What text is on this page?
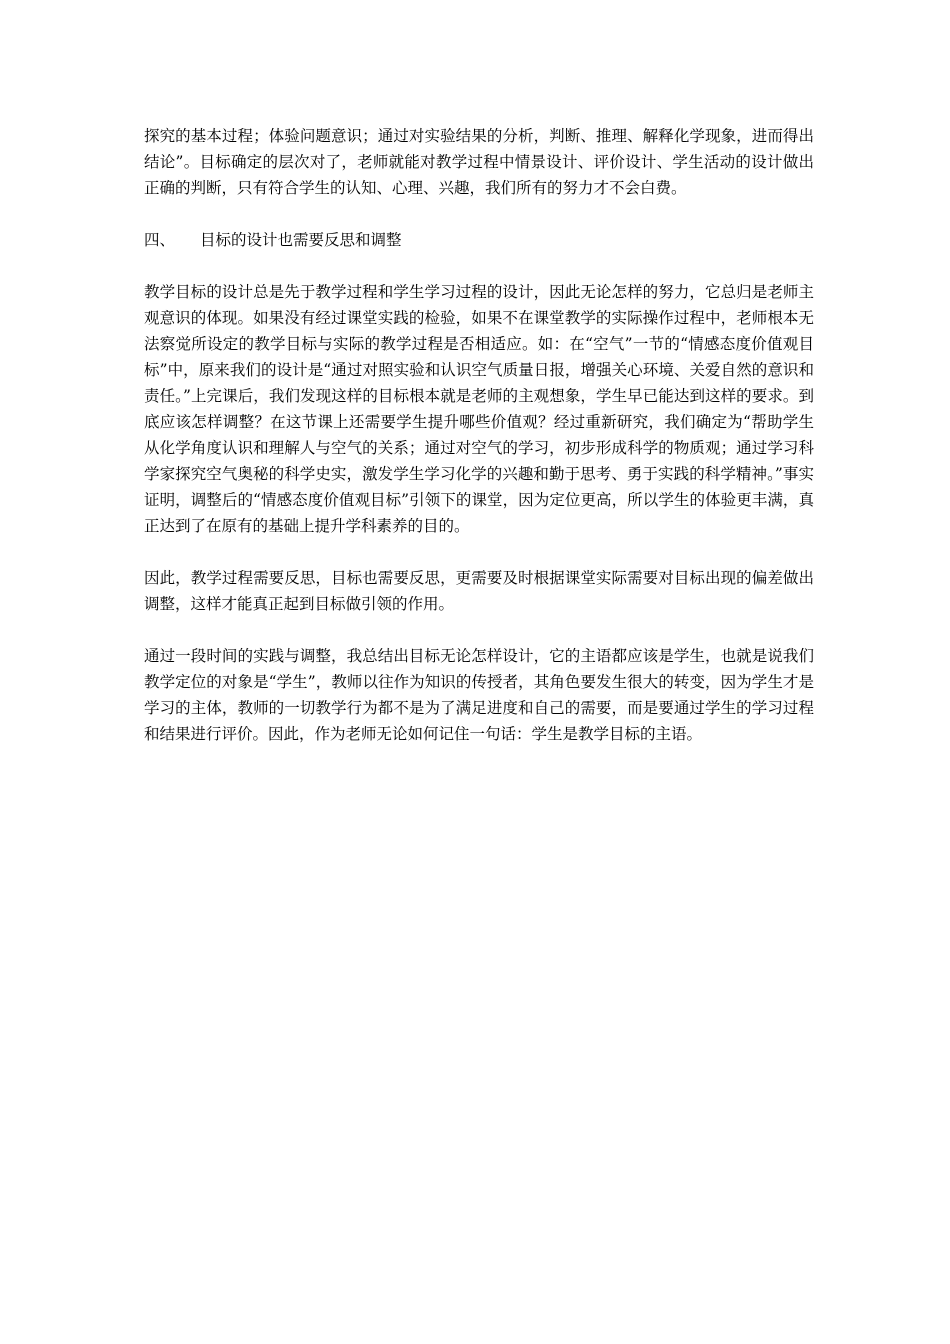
探究的基本过程；体验问题意识；通过对实验结果的分析，判断、推理、解释化学现象，进而得出结论”。目标确定的层次对了，老师就能对教学过程中情景设计、评价设计、学生活动的设计做出正确的判断，只有符合学生的认知、心理、兴趣，我们所有的努力才不会白费。

四、	目标的设计也需要反思和调整

教学目标的设计总是先于教学过程和学生学习过程的设计，因此无论怎样的努力，它总归是老师主观意识的体现。如果没有经过课堂实践的检验，如果不在课堂教学的实际操作过程中，老师根本无法察觉所设定的教学目标与实际的教学过程是否相适应。如：在“空气”一节的“情感态度价值观目标”中，原来我们的设计是“通过对照实验和认识空气质量日报，增强关心环境、关爱自然的意识和责任。”上完课后，我们发现这样的目标根本就是老师的主观想象，学生早已能达到这样的要求。到底应该怎样调整？在这节课上还需要学生提升哪些价值观？经过重新研究，我们确定为“帮助学生从化学角度认识和理解人与空气的关系；通过对空气的学习，初步形成科学的物质观；通过学习科学家探究空气奥秘的科学史实，激发学生学习化学的兴趣和勤于思考、勇于实践的科学精神。”事实证明，调整后的“情感态度价值观目标”引领下的课堂，因为定位更高，所以学生的体验更丰满，真正达到了在原有的基础上提升学科素养的目的。

因此，教学过程需要反思，目标也需要反思，更需要及时根据课堂实际需要对目标出现的偏差做出调整，这样才能真正起到目标做引领的作用。

通过一段时间的实践与调整，我总结出目标无论怎样设计，它的主语都应该是学生，也就是说我们教学定位的对象是“学生”，教师以往作为知识的传授者，其角色要发生很大的转变，因为学生才是学习的主体，教师的一切教学行为都不是为了满足进度和自己的需要，而是要通过学生的学习过程和结果进行评价。因此，作为老师无论如何记住一句话：学生是教学目标的主语。
